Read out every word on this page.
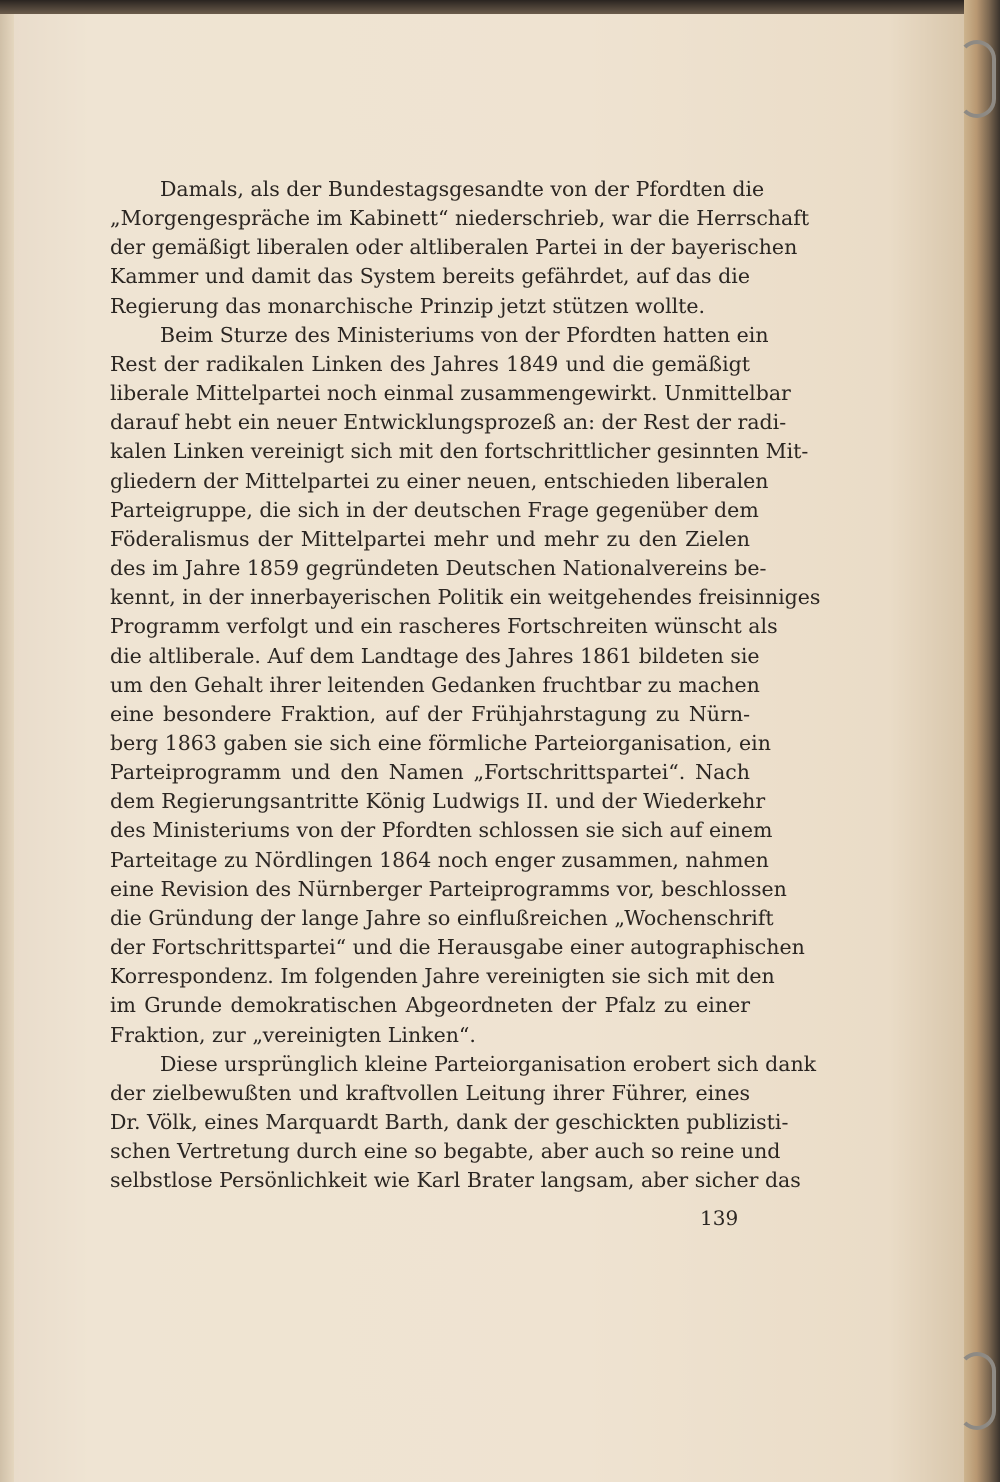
Damals, als der Bundestagsgesandte von der Pfordten die
„Morgengespräche im Kabinett“ niederschrieb, war die Herrschaft
der gemäßigt liberalen oder altliberalen Partei in der bayerischen
Kammer und damit das System bereits gefährdet, auf das die
Regierung das monarchische Prinzip jetzt stützen wollte.
Beim Sturze des Ministeriums von der Pfordten hatten ein
Rest der radikalen Linken des Jahres 1849 und die gemäßigt
liberale Mittelpartei noch einmal zusammengewirkt. Unmittelbar
darauf hebt ein neuer Entwicklungsprozeß an: der Rest der radi-
kalen Linken vereinigt sich mit den fortschrittlicher gesinnten Mit-
gliedern der Mittelpartei zu einer neuen, entschieden liberalen
Parteigruppe, die sich in der deutschen Frage gegenüber dem
Föderalismus der Mittelpartei mehr und mehr zu den Zielen
des im Jahre 1859 gegründeten Deutschen Nationalvereins be-
kennt, in der innerbayerischen Politik ein weitgehendes freisinniges
Programm verfolgt und ein rascheres Fortschreiten wünscht als
die altliberale. Auf dem Landtage des Jahres 1861 bildeten sie
um den Gehalt ihrer leitenden Gedanken fruchtbar zu machen
eine besondere Fraktion, auf der Frühjahrstagung zu Nürn-
berg 1863 gaben sie sich eine förmliche Parteiorganisation, ein
Parteiprogramm und den Namen „Fortschrittspartei“. Nach
dem Regierungsantritte König Ludwigs II. und der Wiederkehr
des Ministeriums von der Pfordten schlossen sie sich auf einem
Parteitage zu Nördlingen 1864 noch enger zusammen, nahmen
eine Revision des Nürnberger Parteiprogramms vor, beschlossen
die Gründung der lange Jahre so einflußreichen „Wochenschrift
der Fortschrittspartei“ und die Herausgabe einer autographischen
Korrespondenz. Im folgenden Jahre vereinigten sie sich mit den
im Grunde demokratischen Abgeordneten der Pfalz zu einer
Fraktion, zur „vereinigten Linken“.
Diese ursprünglich kleine Parteiorganisation erobert sich dank
der zielbewußten und kraftvollen Leitung ihrer Führer, eines
Dr. Völk, eines Marquardt Barth, dank der geschickten publizisti-
schen Vertretung durch eine so begabte, aber auch so reine und
selbstlose Persönlichkeit wie Karl Brater langsam, aber sicher das
139
